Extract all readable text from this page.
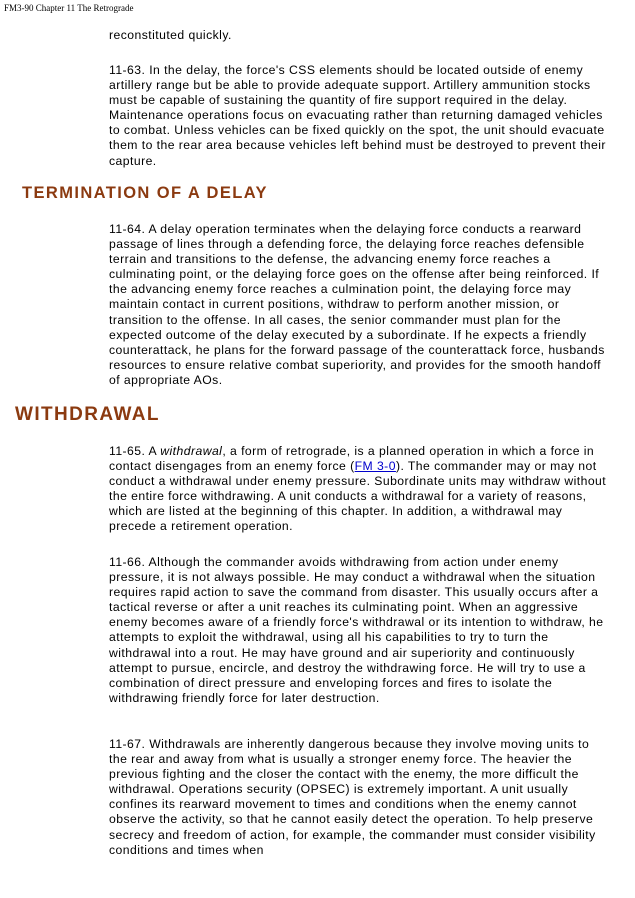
FM3-90 Chapter 11 The Retrograde

reconstituted quickly.

11-63. In the delay, the force's CSS elements should be located outside of enemy artillery range but be able to provide adequate support. Artillery ammunition stocks must be capable of sustaining the quantity of fire support required in the delay. Maintenance operations focus on evacuating rather than returning damaged vehicles to combat. Unless vehicles can be fixed quickly on the spot, the unit should evacuate them to the rear area because vehicles left behind must be destroyed to prevent their capture.

TERMINATION OF A DELAY

11-64. A delay operation terminates when the delaying force conducts a rearward passage of lines through a defending force, the delaying force reaches defensible terrain and transitions to the defense, the advancing enemy force reaches a culminating point, or the delaying force goes on the offense after being reinforced. If the advancing enemy force reaches a culmination point, the delaying force may maintain contact in current positions, withdraw to perform another mission, or transition to the offense. In all cases, the senior commander must plan for the expected outcome of the delay executed by a subordinate. If he expects a friendly counterattack, he plans for the forward passage of the counterattack force, husbands resources to ensure relative combat superiority, and provides for the smooth handoff of appropriate AOs.

WITHDRAWAL

11-65. A withdrawal, a form of retrograde, is a planned operation in which a force in contact disengages from an enemy force (FM 3-0). The commander may or may not conduct a withdrawal under enemy pressure. Subordinate units may withdraw without the entire force withdrawing. A unit conducts a withdrawal for a variety of reasons, which are listed at the beginning of this chapter. In addition, a withdrawal may precede a retirement operation.

11-66. Although the commander avoids withdrawing from action under enemy pressure, it is not always possible. He may conduct a withdrawal when the situation requires rapid action to save the command from disaster. This usually occurs after a tactical reverse or after a unit reaches its culminating point. When an aggressive enemy becomes aware of a friendly force's withdrawal or its intention to withdraw, he attempts to exploit the withdrawal, using all his capabilities to try to turn the withdrawal into a rout. He may have ground and air superiority and continuously attempt to pursue, encircle, and destroy the withdrawing force. He will try to use a combination of direct pressure and enveloping forces and fires to isolate the withdrawing friendly force for later destruction.

11-67. Withdrawals are inherently dangerous because they involve moving units to the rear and away from what is usually a stronger enemy force. The heavier the previous fighting and the closer the contact with the enemy, the more difficult the withdrawal. Operations security (OPSEC) is extremely important. A unit usually confines its rearward movement to times and conditions when the enemy cannot observe the activity, so that he cannot easily detect the operation. To help preserve secrecy and freedom of action, for example, the commander must consider visibility conditions and times when
